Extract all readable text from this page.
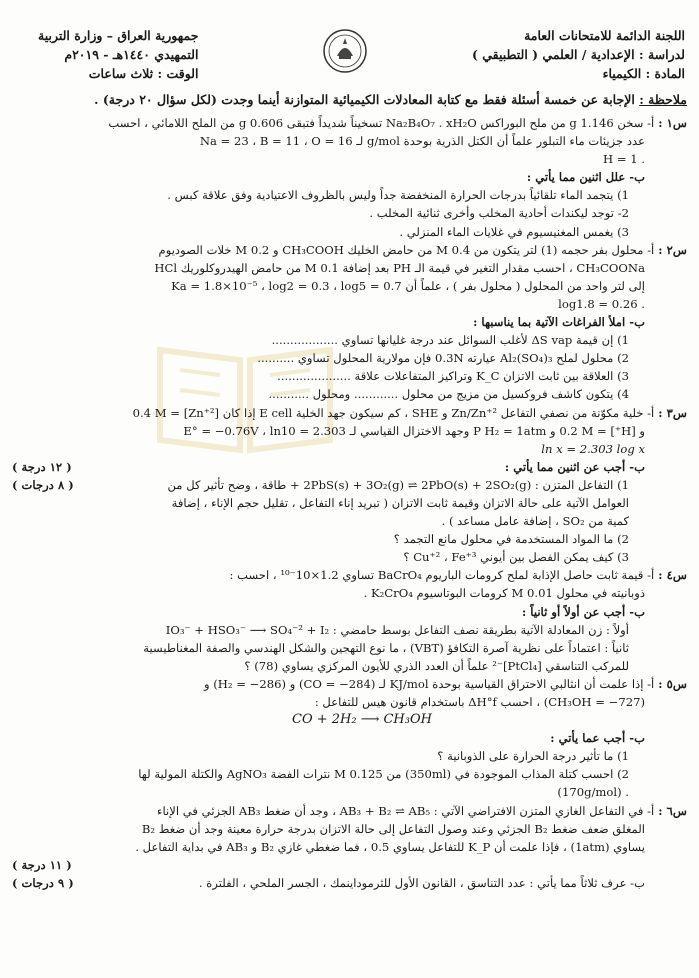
اللجنة الدائمة للامتحانات العامة
لدراسة : الإعدادية / العلمي ( التطبيقي )
المادة : الكيمياء
جمهورية العراق – وزارة التربية
التمهيدي ١٤٤٠هـ - ٢٠١٩م
الوقت : ثلاث ساعات
ملاحظة : الإجابة عن خمسة أسئلة فقط مع كتابة المعادلات الكيميائية المتوازنة أينما وجدت (لكل سؤال ٢٠ درجة) .
س١ :أ- سخن g 1.146 من ملح البوراكس Na₂B₄O₇ . xH₂O تسخيناً شديداً فتبقى g 0.606 من الملح اللامائي ، احسب
عدد جزيئات ماء التبلور علماً أن الكتل الذرية بوحدة g/mol لـ Na = 23 ، B = 11 ، O = 16
. H = 1
ب- علل اثنين مما يأتي :
1) يتجمد الماء تلقائياً بدرجات الحرارة المنخفضة جداً وليس بالظروف الاعتيادية وفق علاقة كبس .
2- توجد ليكندات أحادية المخلب وأخرى ثنائية المخلب .
3) يغمس المغنيسيوم في غلايات الماء المنزلي .
س٢ :أ- محلول بفر حجمه (1) لتر يتكون من M 0.4 من حامض الخليك CH₃COOH و M 0.2 خلات الصوديوم
CH₃COONa ، احسب مقدار التغير في قيمة الـ PH بعد إضافة M 0.1 من حامض الهيدروكلوريك HCl
إلى لتر واحد من المحلول ( محلول بفر ) ، علماً أن Ka = 1.8×10⁻⁵ ، log2 = 0.3 ، log5 = 0.7
. log1.8 = 0.26
ب- املأ الفراغات الآتية بما يناسبها :
1) إن قيمة ΔS vap لأغلب السوائل عند درجة غليانها تساوي ..................
2) محلول لملح Al₂(SO₄)₃ عيارته 0.3N فإن مولارية المحلول تساوي ..........
3) العلاقة بين ثابت الاتزان K_C وتراكيز المتفاعلات علاقة ....................
4) يتكون كاشف فروكسيل من مزيج من محلول ............ ومحلول ...........
س٣ :أ- خلية مكوّنة من نصفي التفاعل Zn/Zn⁺² و SHE ، كم سيكون جهد الخلية E cell إذا كان [Zn⁺²] = 0.4 M
و [H⁺] = 0.2 M و P H₂ = 1atm وجهد الاختزال القياسي لـ E° = −0.76V ، ln10 = 2.303
ln x = 2.303 log x
ب- أجب عن اثنين مما يأتي :
( ١٢ درجة )
1) التفاعل المتزن : 2PbS(s) + 3O₂(g) ⇌ 2PbO(s) + 2SO₂(g) + طاقة ، وضح تأثير كل من
( ٨ درجات )
العوامل الآتية على حالة الاتزان وقيمة ثابت الاتزان ( تبريد إناء التفاعل ، تقليل حجم الإناء ، إضافة
كمية من SO₂ ، إضافة عامل مساعد ) .
2) ما المواد المستخدمة في محلول مانع التجمد ؟
3) كيف يمكن الفصل بين أيوني Cu⁺² ، Fe⁺³ ؟
س٤ :أ- قيمة ثابت حاصل الإذابة لملح كرومات الباريوم BaCrO₄ تساوي 1.2×10⁻¹⁰ ، احسب :
ذوبانيته في محلول M 0.01 كرومات البوتاسيوم K₂CrO₄ .
ب- أجب عن أولاً أو ثانياً :
أولاً : زن المعادلة الآتية بطريقة نصف التفاعل بوسط حامضي : IO₃⁻ + HSO₃⁻ ⟶ SO₄⁻² + I₂
ثانياً : اعتماداً على نظرية آصرة التكافؤ (VBT) ، ما نوع التهجين والشكل الهندسي والصفة المغناطيسية
للمركب التناسقي [PtCl₄]⁻² علماً أن العدد الذري للأيون المركزي يساوي (78) ؟
س٥ :أ- إذا علمت أن انثالبي الاحتراق القياسية بوحدة KJ/mol لـ (CO = −284) و (H₂ = −286) و
(CH₃OH = −727) ، احسب ΔH°f باستخدام قانون هيس للتفاعل :
CO + 2H₂ ⟶ CH₃OH
ب- أجب عما يأتي :
1) ما تأثير درجة الحرارة على الذوبانية ؟
2) احسب كتلة المذاب الموجودة في (350ml) من M 0.125 نترات الفضة AgNO₃ والكتلة المولية لها
. (170g/mol)
س٦ :أ- في التفاعل الغازي المتزن الافتراضي الآتي : AB₃ + B₂ ⇌ AB₅ ، وجد أن ضغط AB₃ الجزئي في الإناء
المغلق ضعف ضغط B₂ الجزئي وعند وصول التفاعل إلى حالة الاتزان بدرجة حرارة معينة وجد أن ضغط B₂
يساوي (1atm) ، فإذا علمت أن K_P للتفاعل يساوي 0.5 ، فما ضغطي غازي B₂ و AB₃ في بداية التفاعل .
( ١١ درجة )
ب- عرف ثلاثاً مما يأتي : عدد التناسق ، القانون الأول للثرموداينمك ، الجسر الملحي ، الفلترة .
( ٩ درجات )
